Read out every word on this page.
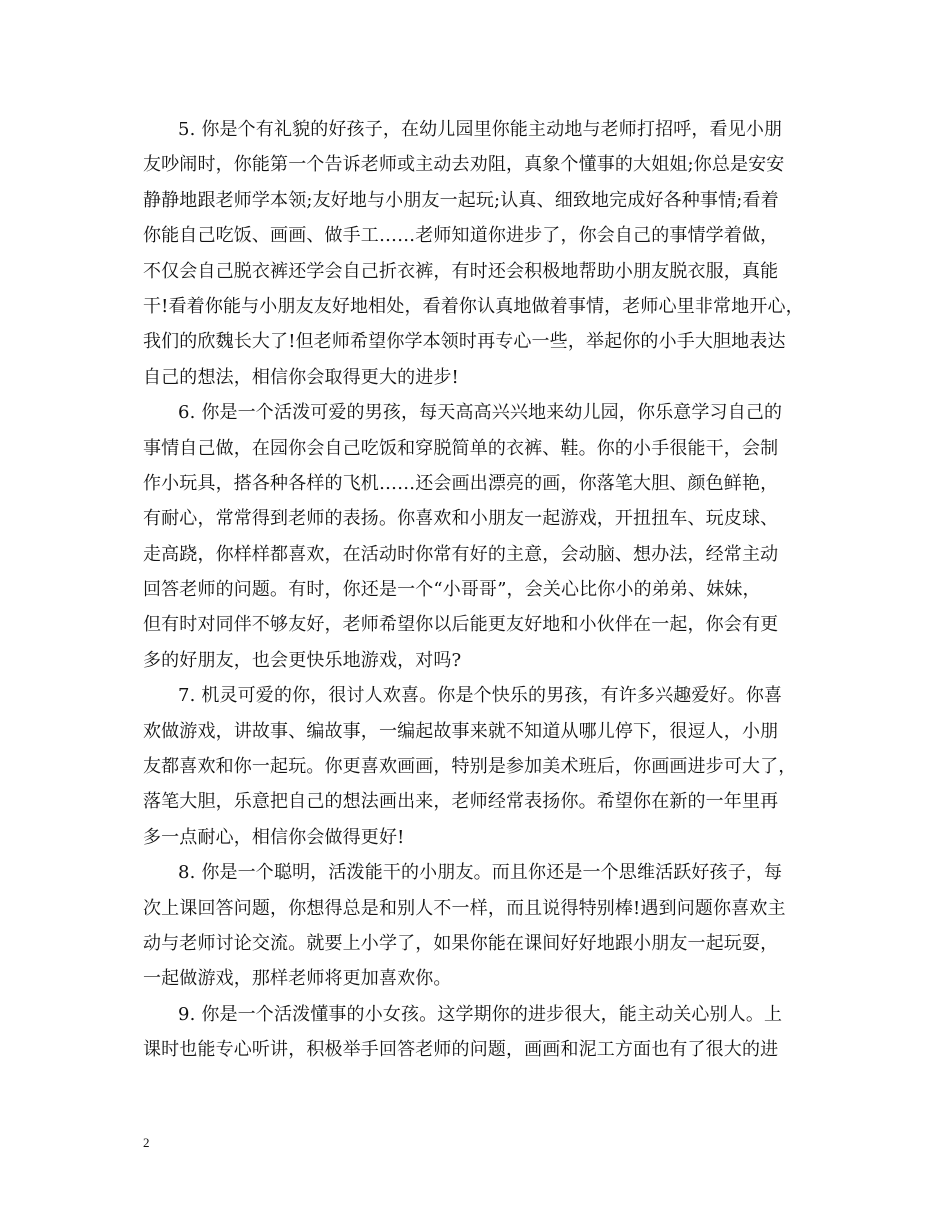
5. 你是个有礼貌的好孩子，在幼儿园里你能主动地与老师打招呼，看见小朋
友吵闹时，你能第一个告诉老师或主动去劝阻，真象个懂事的大姐姐;你总是安安
静静地跟老师学本领;友好地与小朋友一起玩;认真、细致地完成好各种事情;看着
你能自己吃饭、画画、做手工……老师知道你进步了，你会自己的事情学着做，
不仅会自己脱衣裤还学会自己折衣裤，有时还会积极地帮助小朋友脱衣服，真能
干!看着你能与小朋友友好地相处，看着你认真地做着事情，老师心里非常地开心，
我们的欣魏长大了!但老师希望你学本领时再专心一些，举起你的小手大胆地表达
自己的想法，相信你会取得更大的进步!
6. 你是一个活泼可爱的男孩，每天高高兴兴地来幼儿园，你乐意学习自己的
事情自己做，在园你会自己吃饭和穿脱简单的衣裤、鞋。你的小手很能干，会制
作小玩具，搭各种各样的飞机……还会画出漂亮的画，你落笔大胆、颜色鲜艳，
有耐心，常常得到老师的表扬。你喜欢和小朋友一起游戏，开扭扭车、玩皮球、
走高跷，你样样都喜欢，在活动时你常有好的主意，会动脑、想办法，经常主动
回答老师的问题。有时，你还是一个“小哥哥”，会关心比你小的弟弟、妹妹，
但有时对同伴不够友好，老师希望你以后能更友好地和小伙伴在一起，你会有更
多的好朋友，也会更快乐地游戏，对吗?
7. 机灵可爱的你，很讨人欢喜。你是个快乐的男孩，有许多兴趣爱好。你喜
欢做游戏，讲故事、编故事，一编起故事来就不知道从哪儿停下，很逗人，小朋
友都喜欢和你一起玩。你更喜欢画画，特别是参加美术班后，你画画进步可大了，
落笔大胆，乐意把自己的想法画出来，老师经常表扬你。希望你在新的一年里再
多一点耐心，相信你会做得更好!
8. 你是一个聪明，活泼能干的小朋友。而且你还是一个思维活跃好孩子，每
次上课回答问题，你想得总是和别人不一样，而且说得特别棒!遇到问题你喜欢主
动与老师讨论交流。就要上小学了，如果你能在课间好好地跟小朋友一起玩耍，
一起做游戏，那样老师将更加喜欢你。
9. 你是一个活泼懂事的小女孩。这学期你的进步很大，能主动关心别人。上
课时也能专心听讲，积极举手回答老师的问题，画画和泥工方面也有了很大的进
2
